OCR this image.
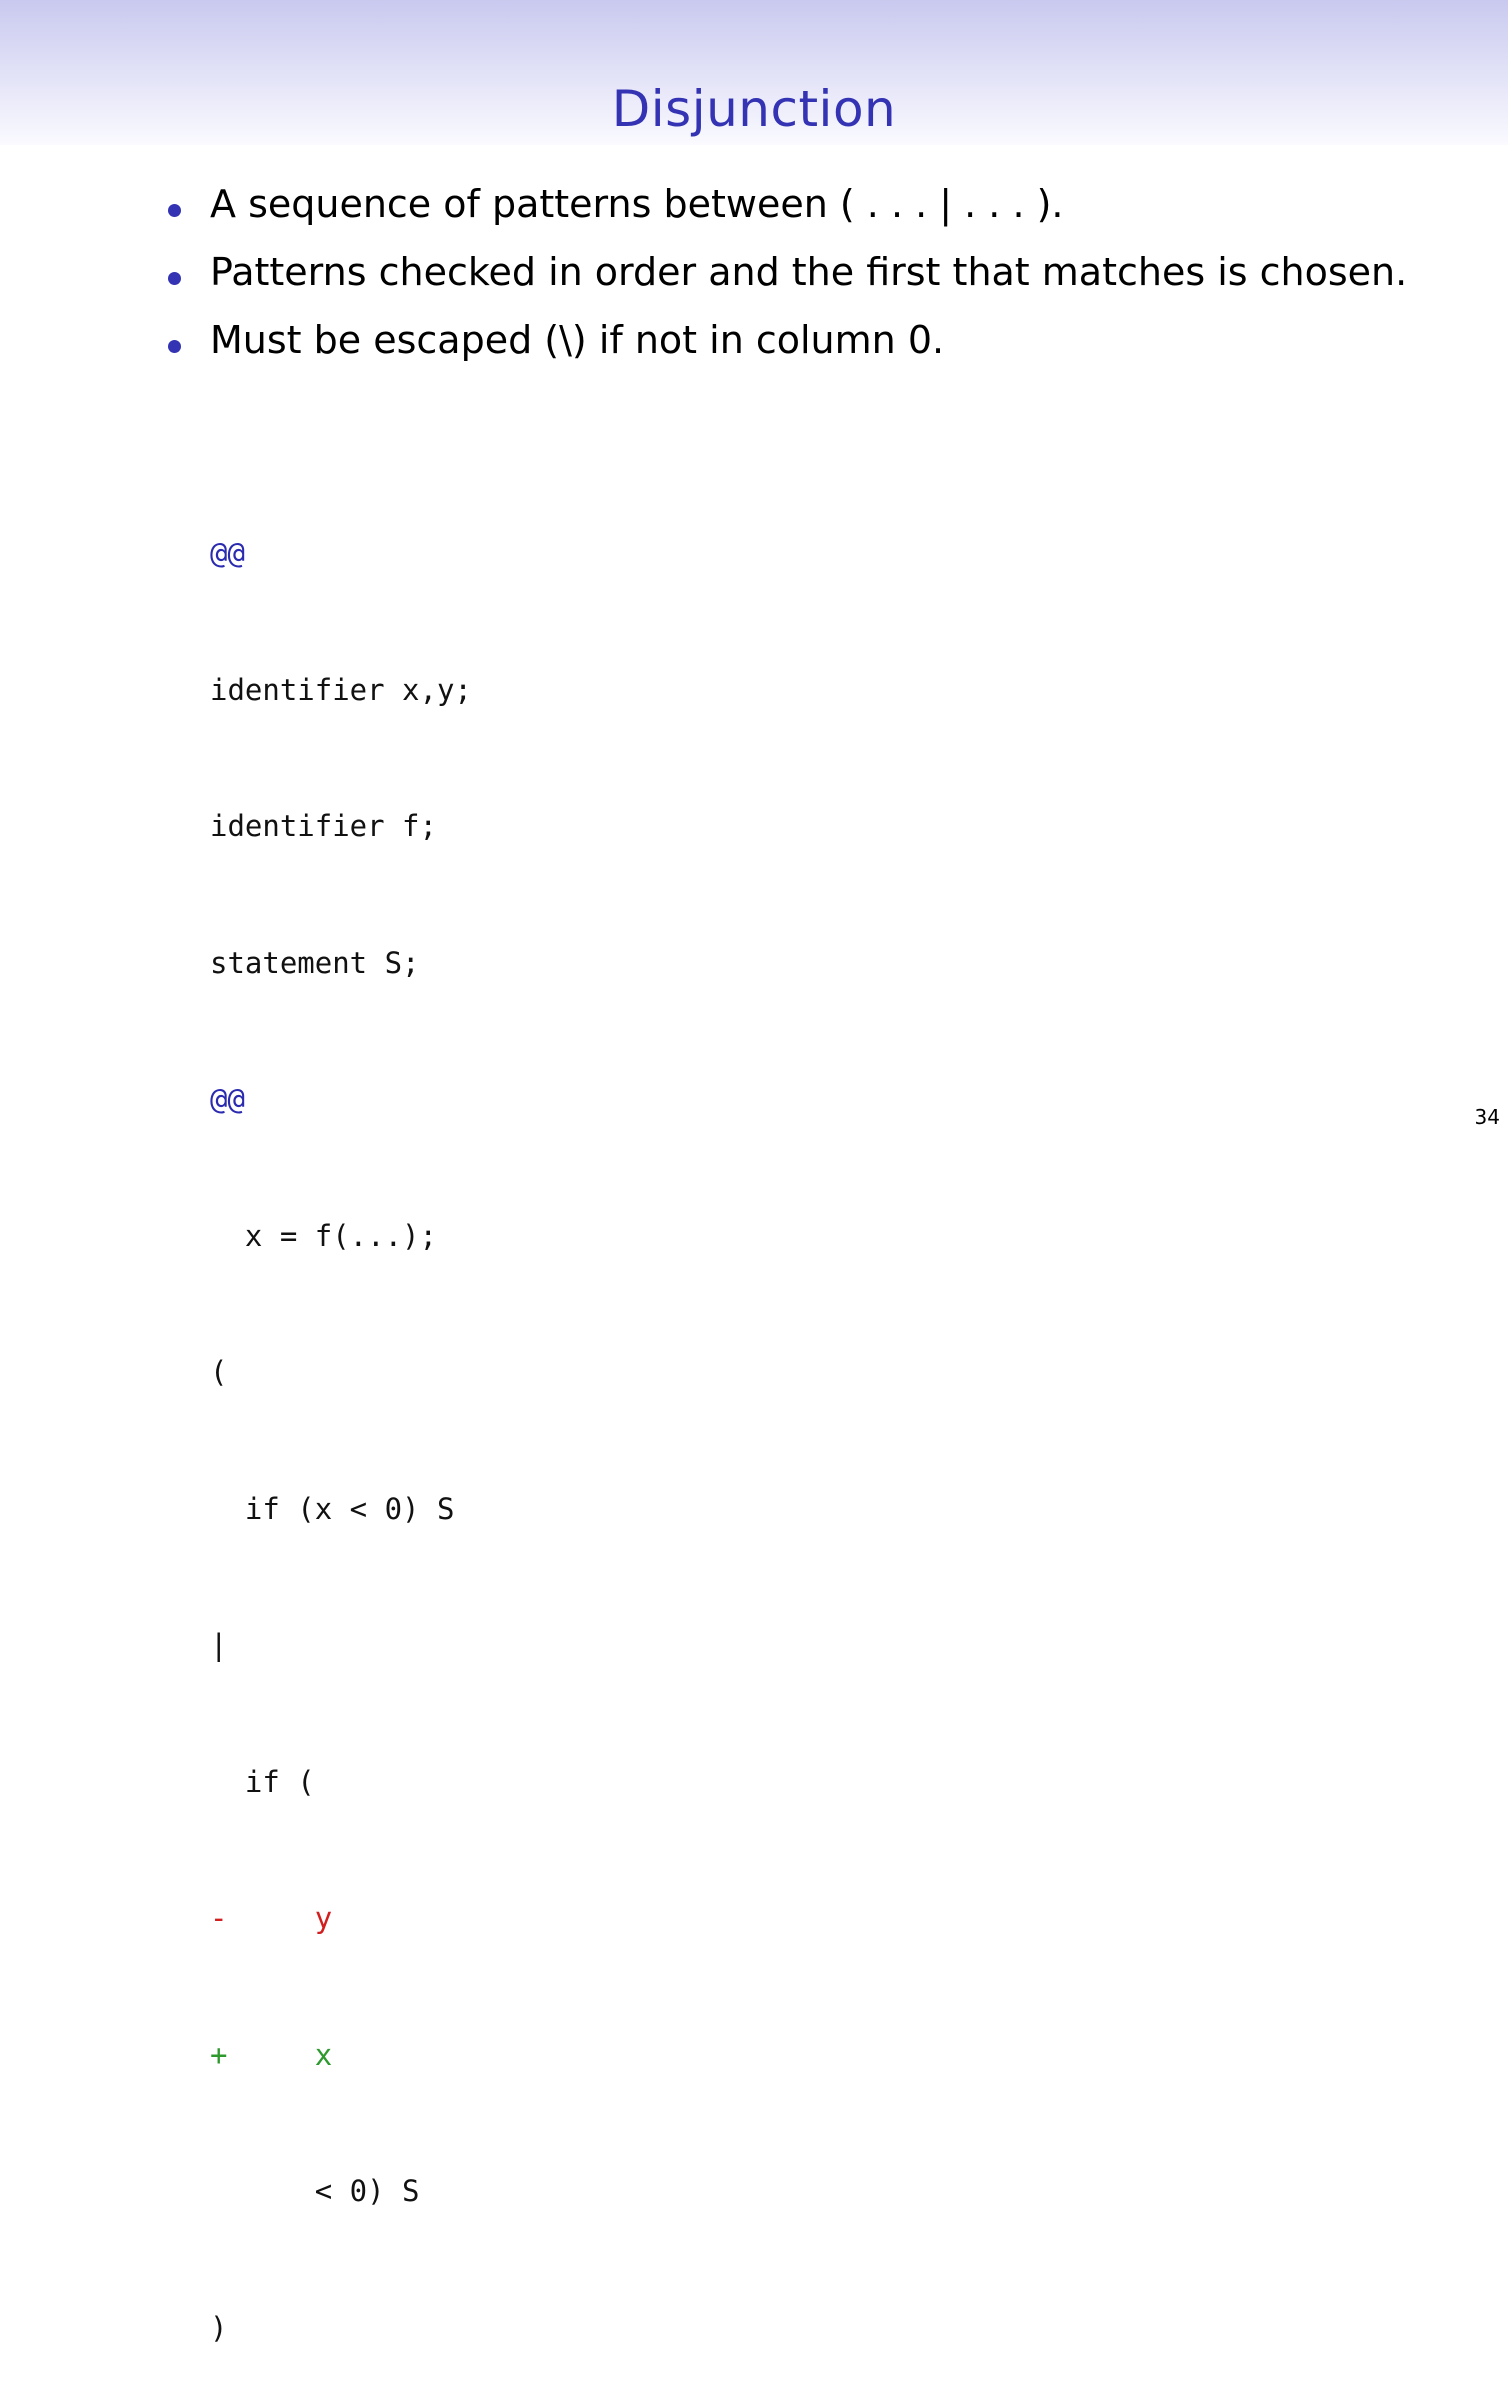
Disjunction
A sequence of patterns between ( . . . | . . . ).
Patterns checked in order and the first that matches is chosen.
Must be escaped (\) if not in column 0.

@@

identifier x,y;

identifier f;

statement S;

@@

x = f(...);

(

if (x < 0) S

|

if (

-     y

+     x

< 0) S

)

34
